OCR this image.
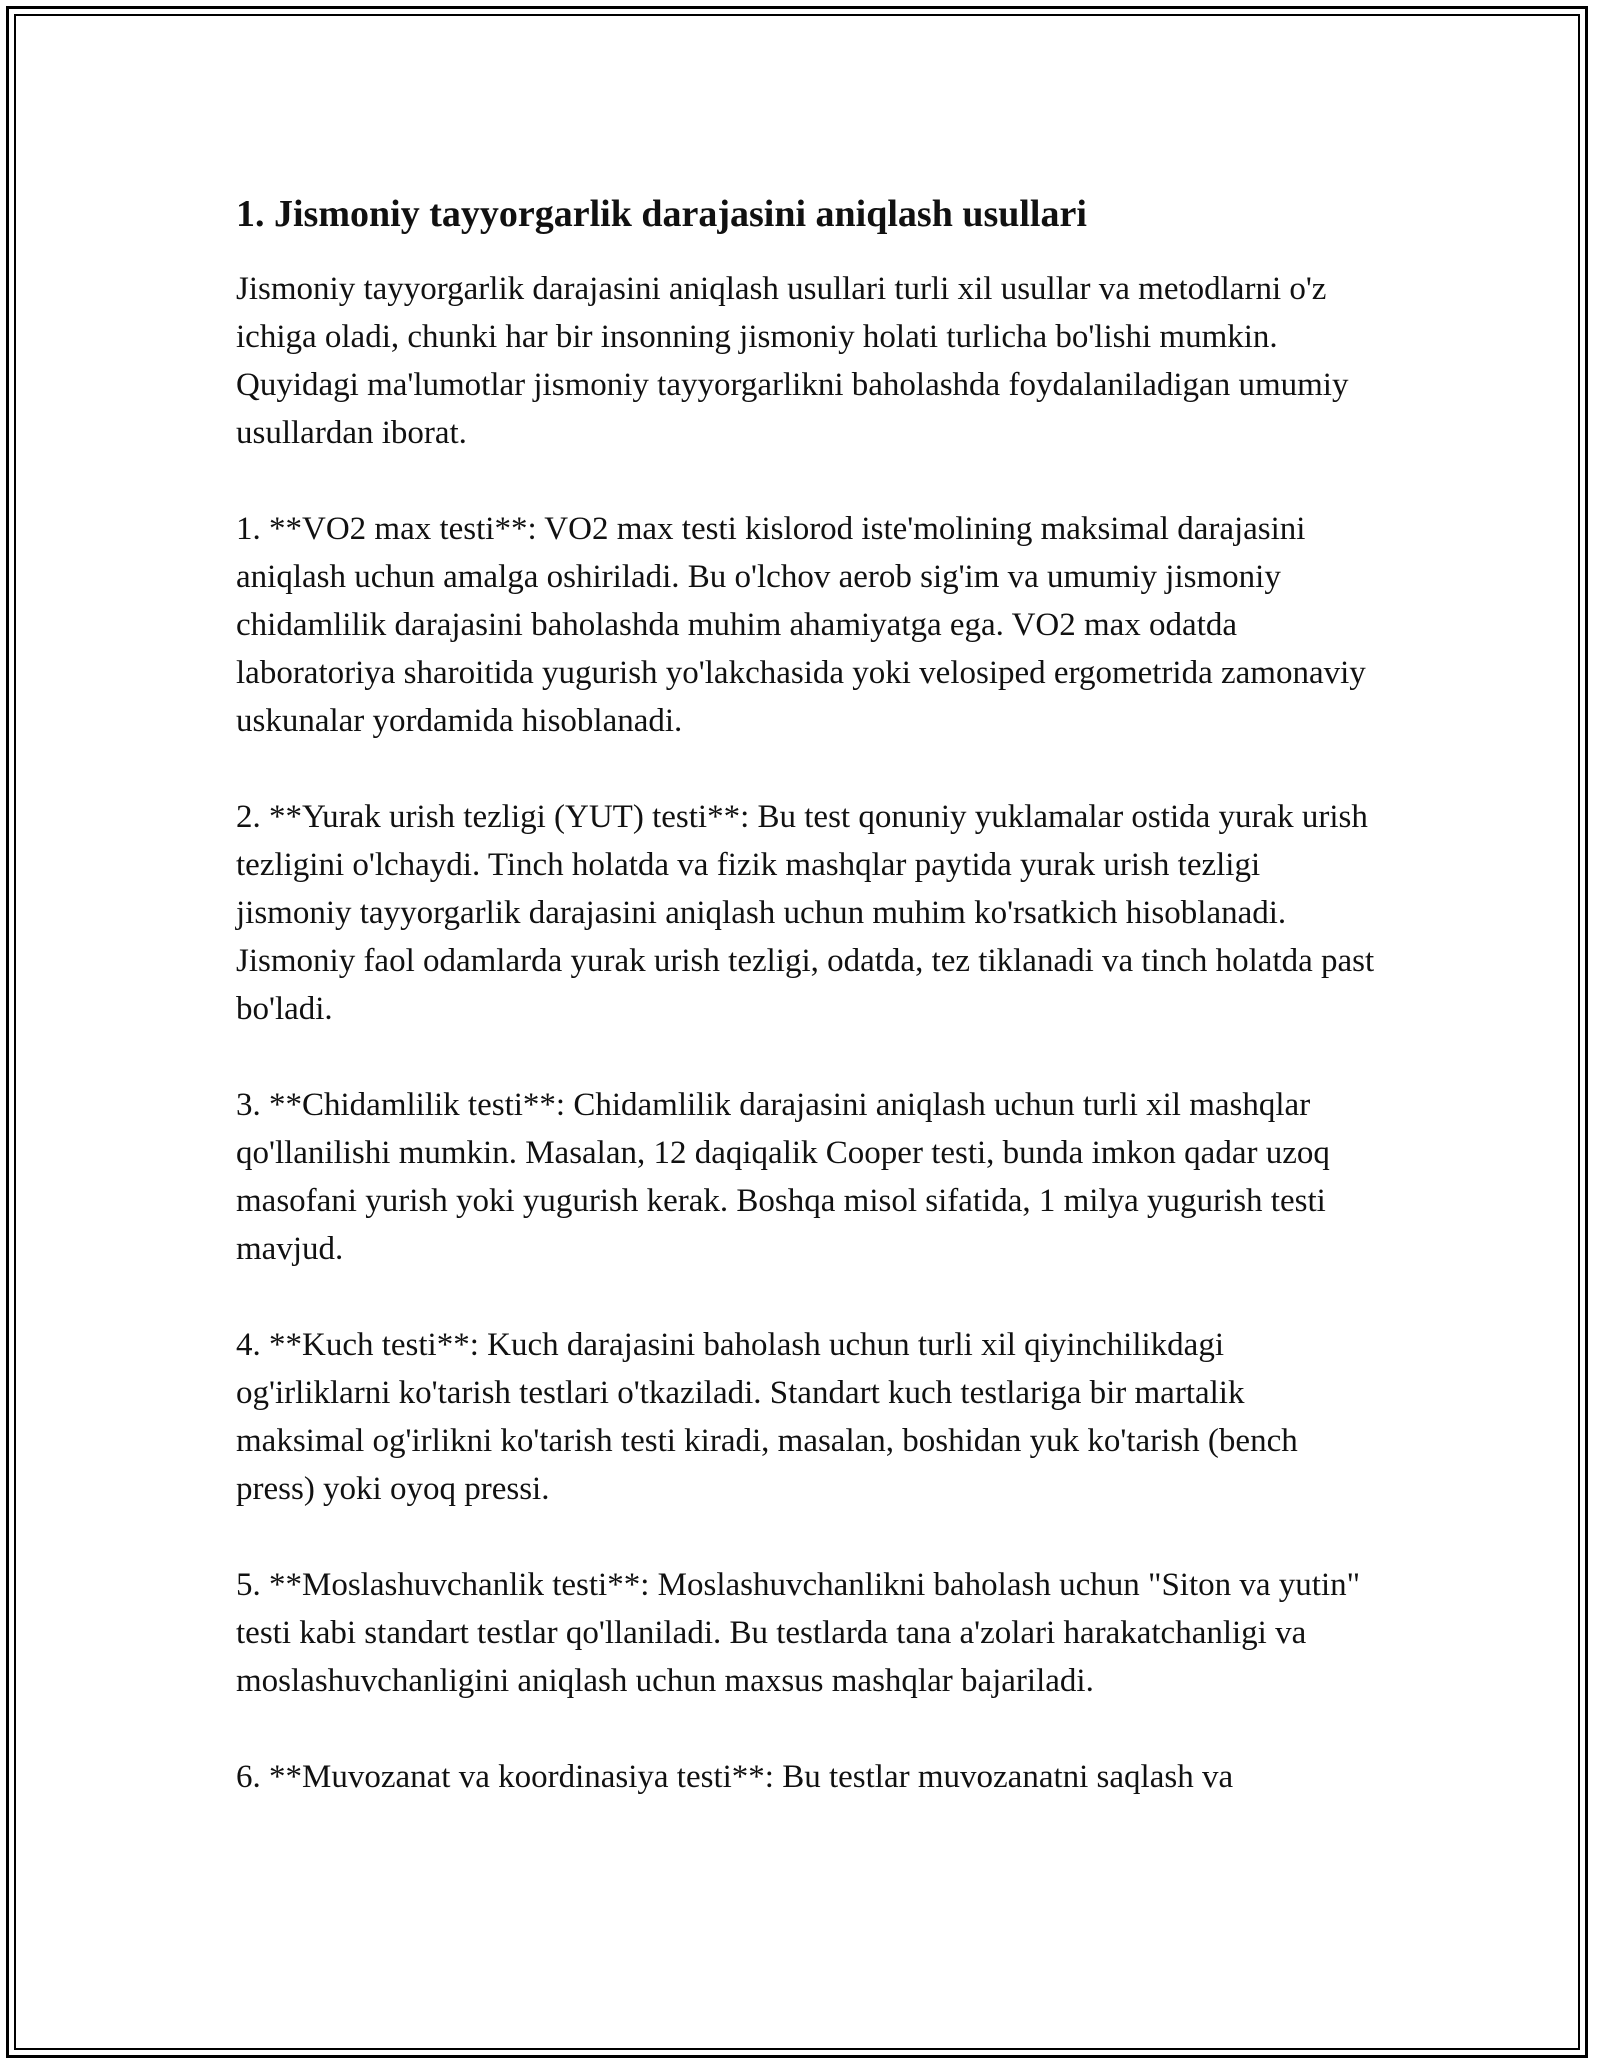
1. Jismoniy tayyorgarlik darajasini aniqlash usullari

Jismoniy tayyorgarlik darajasini aniqlash usullari turli xil usullar va metodlarni o'z ichiga oladi, chunki har bir insonning jismoniy holati turlicha bo'lishi mumkin. Quyidagi ma'lumotlar jismoniy tayyorgarlikni baholashda foydalaniladigan umumiy usullardan iborat.

1. **VO2 max testi**: VO2 max testi kislorod iste'molining maksimal darajasini aniqlash uchun amalga oshiriladi. Bu o'lchov aerob sig'im va umumiy jismoniy chidamlilik darajasini baholashda muhim ahamiyatga ega. VO2 max odatda laboratoriya sharoitida yugurish yo'lakchasida yoki velosiped ergometrida zamonaviy uskunalar yordamida hisoblanadi.

2. **Yurak urish tezligi (YUT) testi**: Bu test qonuniy yuklamalar ostida yurak urish tezligini o'lchaydi. Tinch holatda va fizik mashqlar paytida yurak urish tezligi jismoniy tayyorgarlik darajasini aniqlash uchun muhim ko'rsatkich hisoblanadi. Jismoniy faol odamlarda yurak urish tezligi, odatda, tez tiklanadi va tinch holatda past bo'ladi.

3. **Chidamlilik testi**: Chidamlilik darajasini aniqlash uchun turli xil mashqlar qo'llanilishi mumkin. Masalan, 12 daqiqalik Cooper testi, bunda imkon qadar uzoq masofani yurish yoki yugurish kerak. Boshqa misol sifatida, 1 milya yugurish testi mavjud.

4. **Kuch testi**: Kuch darajasini baholash uchun turli xil qiyinchilikdagi og'irliklarni ko'tarish testlari o'tkaziladi. Standart kuch testlariga bir martalik maksimal og'irlikni ko'tarish testi kiradi, masalan, boshidan yuk ko'tarish (bench press) yoki oyoq pressi.

5. **Moslashuvchanlik testi**: Moslashuvchanlikni baholash uchun "Siton va yutin" testi kabi standart testlar qo'llaniladi. Bu testlarda tana a'zolari harakatchanligi va moslashuvchanligini aniqlash uchun maxsus mashqlar bajariladi.

6. **Muvozanat va koordinasiya testi**: Bu testlar muvozanatni saqlash va
